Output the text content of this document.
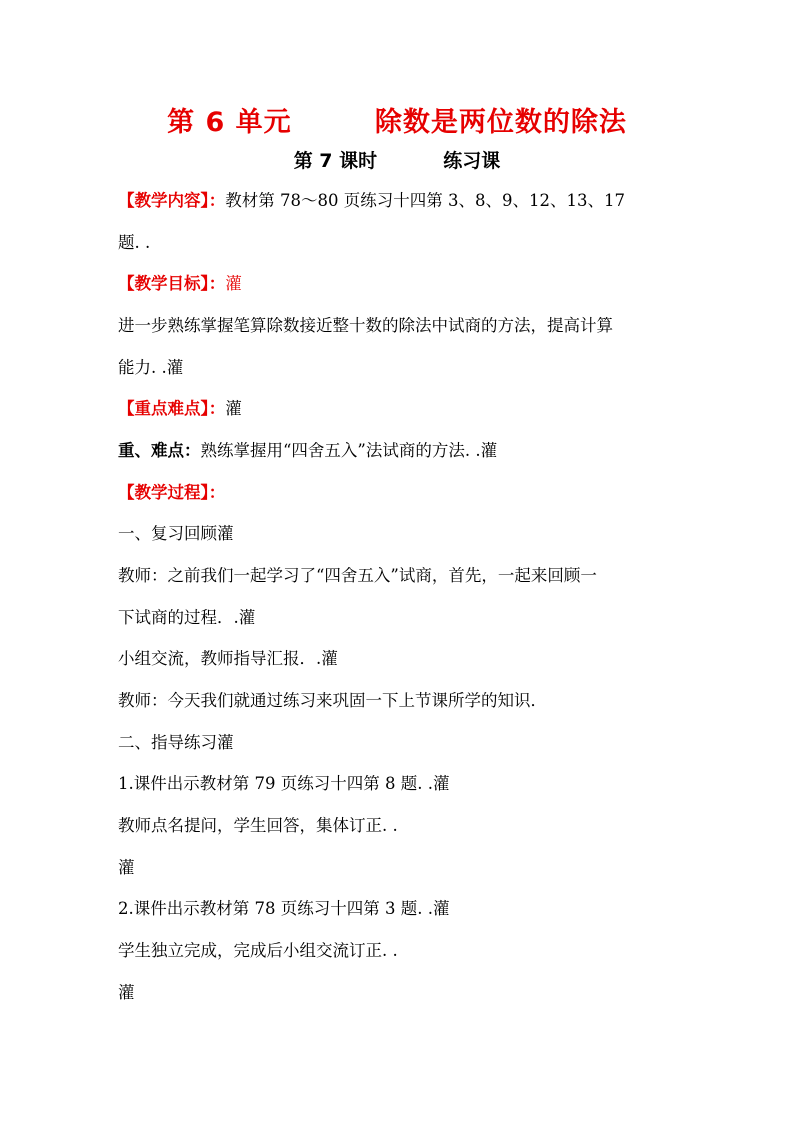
第 6 单元        除数是两位数的除法
第 7 课时          练习课
【教学内容】：教材第 78～80 页练习十四第 3、8、9、12、13、17
题. .
【教学目标】：灌
进一步熟练掌握笔算除数接近整十数的除法中试商的方法，提高计算
能力. .灌
【重点难点】：灌
重、难点：熟练掌握用“四舍五入”法试商的方法. .灌
【教学过程】：
一、复习回顾灌
教师：之前我们一起学习了“四舍五入”试商，首先，一起来回顾一
下试商的过程．.灌
小组交流，教师指导汇报．.灌
教师：今天我们就通过练习来巩固一下上节课所学的知识．
二、指导练习灌
1.课件出示教材第 79 页练习十四第 8 题. .灌
教师点名提问，学生回答，集体订正. .
灌
2.课件出示教材第 78 页练习十四第 3 题. .灌
学生独立完成，完成后小组交流订正. .
灌
